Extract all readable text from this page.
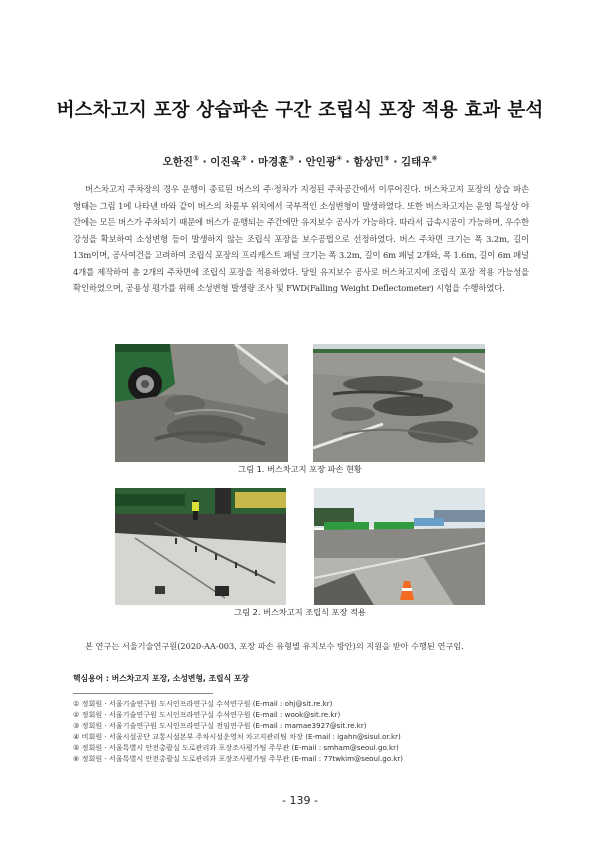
버스차고지 포장 상습파손 구간 조립식 포장 적용 효과 분석
오한진① · 이진욱② · 마경훈③ · 안인광④ · 함상민⑤ · 김태우⑥
버스차고지 주차장의 경우 운행이 종료된 버스의 주·정차가 지정된 주차공간에서 이루어진다. 버스차고지 포장의 상습 파손 형태는 그림 1에 나타낸 바와 같이 버스의 차륜부 위치에서 국부적인 소성변형이 발생하였다. 또한 버스차고지는 운영 특성상 야간에는 모든 버스가 주차되기 때문에 버스가 운행되는 주간에만 유지보수 공사가 가능하다. 따라서 급속시공이 가능하며, 우수한 강성을 확보하여 소성변형 등이 발생하지 않는 조립식 포장을 보수공법으로 선정하였다. 버스 주차면 크기는 폭 3.2m, 길이 13m이며, 공사여건을 고려하여 조립식 포장의 프리캐스트 패널 크기는 폭 3.2m, 길이 6m 패널 2개와, 폭 1.6m, 길이 6m 패널 4개를 제작하여 총 2개의 주차면에 조립식 포장을 적용하였다. 당일 유지보수 공사로 버스차고지에 조립식 포장 적용 가능성을 확인하였으며, 공용성 평가를 위해 소성변형 발생량 조사 및 FWD(Falling Weight Deflectometer) 시험을 수행하였다.
그림 1. 버스차고지 포장 파손 현황
그림 2. 버스차고지 조립식 포장 적용
본 연구는 서울기술연구원(2020-AA-003, 포장 파손 유형별 유지보수 방안)의 지원을 받아 수행된 연구임.
핵심용어 : 버스차고지 포장, 소성변형, 조립식 포장
① 정회원 · 서울기술연구원 도시인프라연구실 수석연구원 (E-mail : ohj@sit.re.kr)
② 정회원 · 서울기술연구원 도시인프라연구실 수석연구원 (E-mail : wook@sit.re.kr)
③ 정회원 · 서울기술연구원 도시인프라연구실 전임연구원 (E-mail : mamae3927@sit.re.kr)
④ 비회원 · 서울시설공단 교통시설본부 주차시설운영처 차고지관리팀 차장 (E-mail : igahn@sisul.or.kr)
⑤ 정회원 · 서울특별시 안전총괄실 도로관리과 포장조사평가팀 주무관 (E-mail : smham@seoul.go.kr)
⑥ 정회원 · 서울특별시 안전총괄실 도로관리과 포장조사평가팀 주무관 (E-mail : 77twkim@seoul.go.kr)
- 139 -
